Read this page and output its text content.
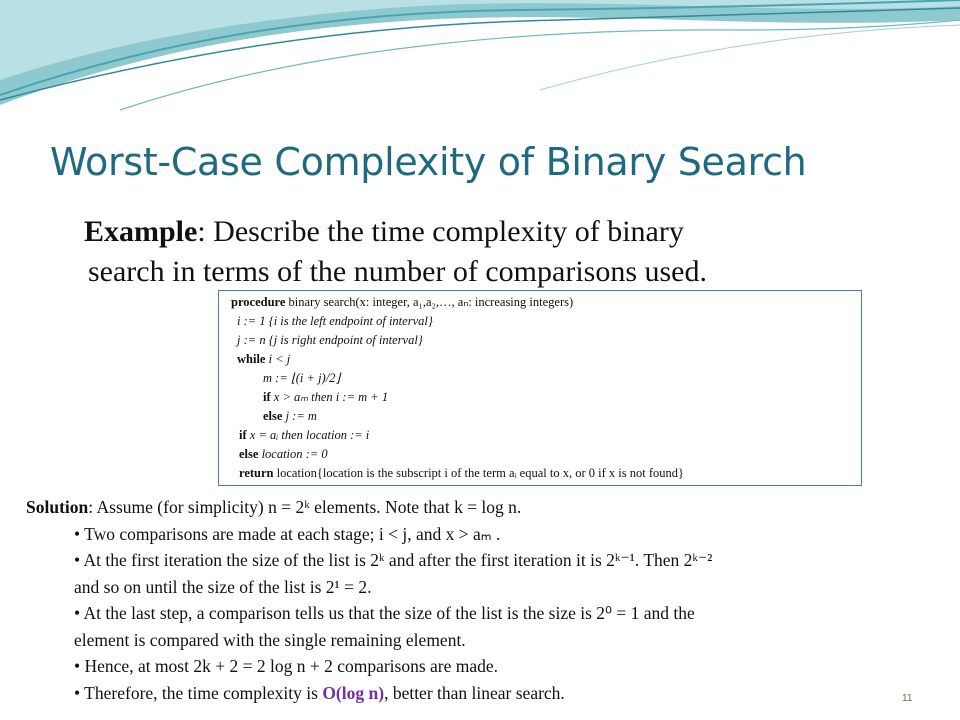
Worst-Case Complexity of Binary Search
Example: Describe the time complexity of binary
search in terms of the number of comparisons used.
procedure binary search(x: integer, a₁,a₂,…, aₙ: increasing integers)
i := 1 {i is the left endpoint of interval}
j := n {j is right endpoint of interval}
while i < j
m := ⌊(i + j)/2⌋
if x > aₘ then i := m + 1
else j := m
if x = aᵢ then location := i
else location := 0
return location{location is the subscript i of the term aᵢ equal to x, or 0 if x is not found}
Solution: Assume (for simplicity) n = 2ᵏ elements. Note that k = log n.
• Two comparisons are made at each stage; i < j, and x > aₘ .
• At the first iteration the size of the list is 2ᵏ and after the first iteration it is 2ᵏ⁻¹. Then 2ᵏ⁻²
and so on until the size of the list is 2¹ = 2.
• At the last step, a comparison tells us that the size of the list is the size is 2⁰ = 1 and the
element is compared with the single remaining element.
• Hence, at most 2k + 2 = 2 log n + 2 comparisons are made.
• Therefore, the time complexity is O(log n), better than linear search.	11
